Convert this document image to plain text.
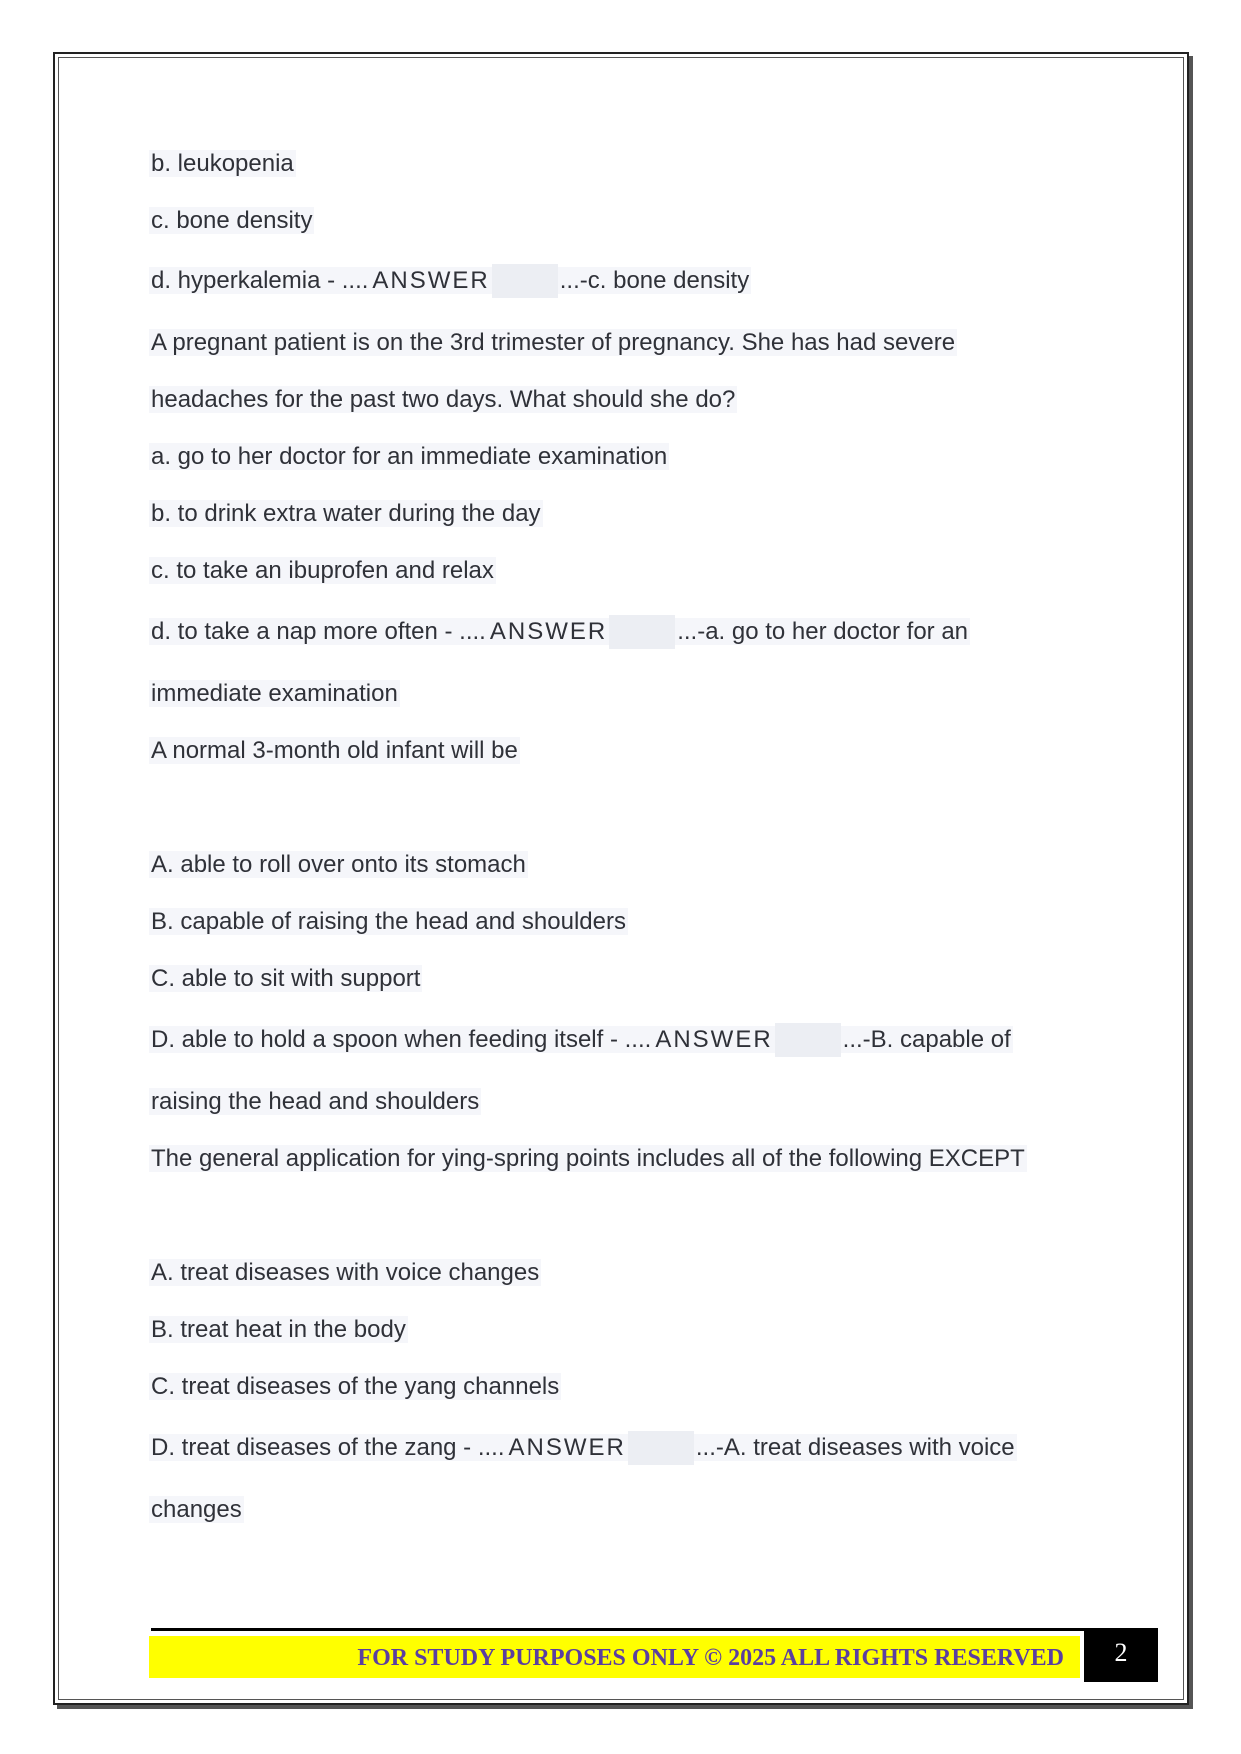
b. leukopenia
c. bone density
d. hyperkalemia - .... ANSWER	...-c. bone density
A pregnant patient is on the 3rd trimester of pregnancy. She has had severe
headaches for the past two days. What should she do?
a. go to her doctor for an immediate examination
b. to drink extra water during the day
c. to take an ibuprofen and relax
d. to take a nap more often - .... ANSWER	...-a. go to her doctor for an
immediate examination
A normal 3-month old infant will be
A. able to roll over onto its stomach
B. capable of raising the head and shoulders
C. able to sit with support
D. able to hold a spoon when feeding itself - .... ANSWER	...-B. capable of
raising the head and shoulders
The general application for ying-spring points includes all of the following EXCEPT
A. treat diseases with voice changes
B. treat heat in the body
C. treat diseases of the yang channels
D. treat diseases of the zang - .... ANSWER	...-A. treat diseases with voice
changes
FOR STUDY PURPOSES ONLY © 2025 ALL RIGHTS RESERVED	2
